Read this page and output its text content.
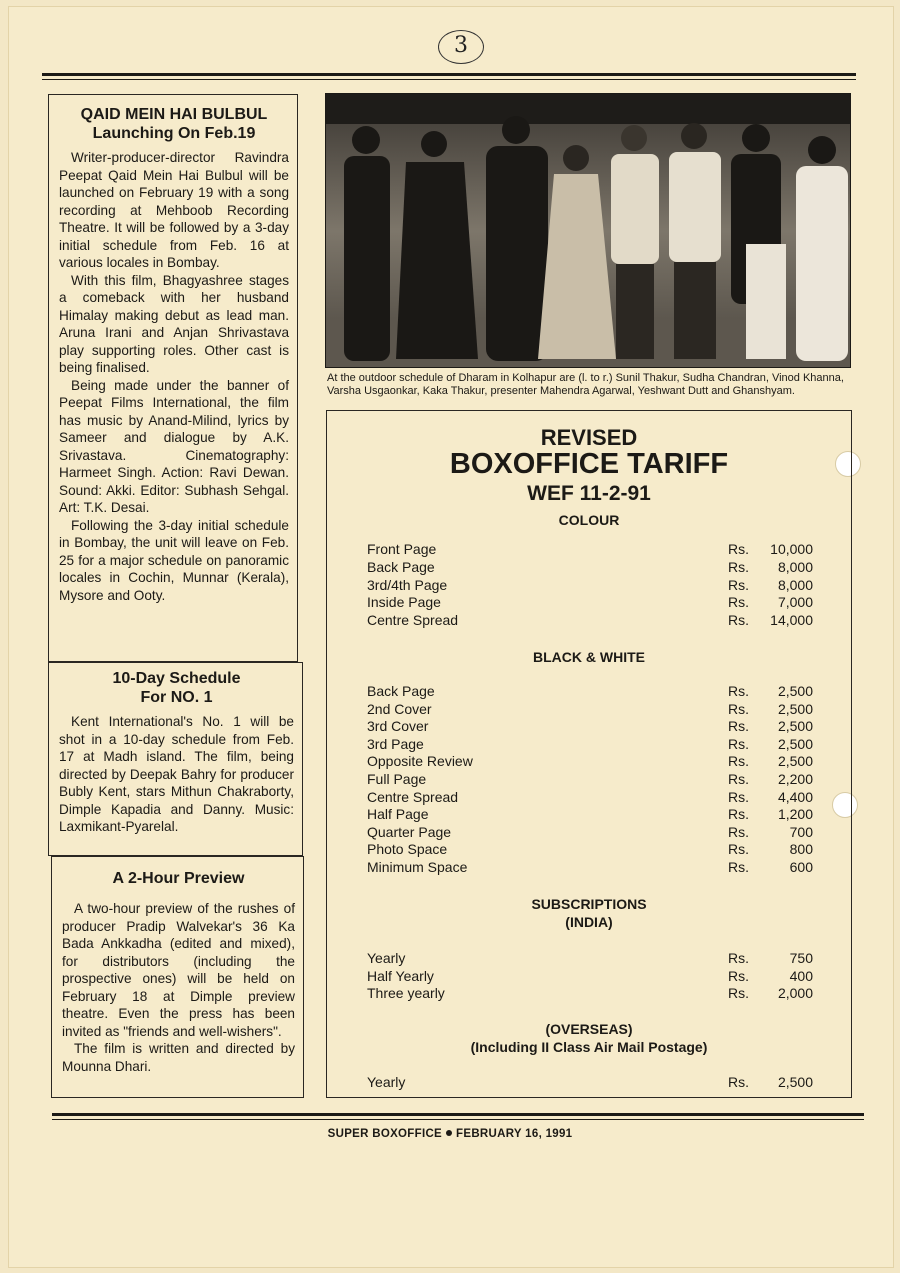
3
QAID MEIN HAI BULBUL Launching On Feb.19

Writer-producer-director Ravindra Peepat Qaid Mein Hai Bulbul will be launched on February 19 with a song recording at Mehboob Recording Theatre. It will be followed by a 3-day initial schedule from Feb. 16 at various locales in Bombay.

With this film, Bhagyashree stages a comeback with her husband Himalay making debut as lead man. Aruna Irani and Anjan Shrivastava play supporting roles. Other cast is being finalised.

Being made under the banner of Peepat Films International, the film has music by Anand-Milind, lyrics by Sameer and dialogue by A.K. Srivastava. Cinematography: Harmeet Singh. Action: Ravi Dewan. Sound: Akki. Editor: Subhash Sehgal. Art: T.K. Desai.

Following the 3-day initial schedule in Bombay, the unit will leave on Feb. 25 for a major schedule on panoramic locales in Cochin, Munnar (Kerala), Mysore and Ooty.

10-Day Schedule For NO. 1

Kent International's No. 1 will be shot in a 10-day schedule from Feb. 17 at Madh island. The film, being directed by Deepak Bahry for producer Bubly Kent, stars Mithun Chakraborty, Dimple Kapadia and Danny. Music: Laxmikant-Pyarelal.

A 2-Hour Preview

A two-hour preview of the rushes of producer Pradip Walvekar's 36 Ka Bada Ankkadha (edited and mixed), for distributors (including the prospective ones) will be held on February 18 at Dimple preview theatre. Even the press has been invited as "friends and well-wishers".

The film is written and directed by Mounna Dhari.

At the outdoor schedule of Dharam in Kolhapur are (l. to r.) Sunil Thakur, Sudha Chandran, Vinod Khanna, Varsha Usgaonkar, Kaka Thakur, presenter Mahendra Agarwal, Yeshwant Dutt and Ghanshyam.
REVISED
BOXOFFICE TARIFF
WEF 11-2-91
COLOUR
Front Page	Rs. 10,000
Back Page	Rs. 8,000
3rd/4th Page	Rs. 8,000
Inside Page	Rs. 7,000
Centre Spread	Rs. 14,000
BLACK & WHITE
Back Page	Rs. 2,500
2nd Cover	Rs. 2,500
3rd Cover	Rs. 2,500
3rd Page	Rs. 2,500
Opposite Review	Rs. 2,500
Full Page	Rs. 2,200
Centre Spread	Rs. 4,400
Half Page	Rs. 1,200
Quarter Page	Rs.	700
Photo Space	Rs.	800
Minimum Space	Rs.	600
SUBSCRIPTIONS
(INDIA)
Yearly	Rs.	750
Half Yearly	Rs.	400
Three yearly	Rs. 2,000
(OVERSEAS)
(Including II Class Air Mail Postage)
Yearly	Rs. 2,500
SUPER BOXOFFICE FEBRUARY 16, 1991
